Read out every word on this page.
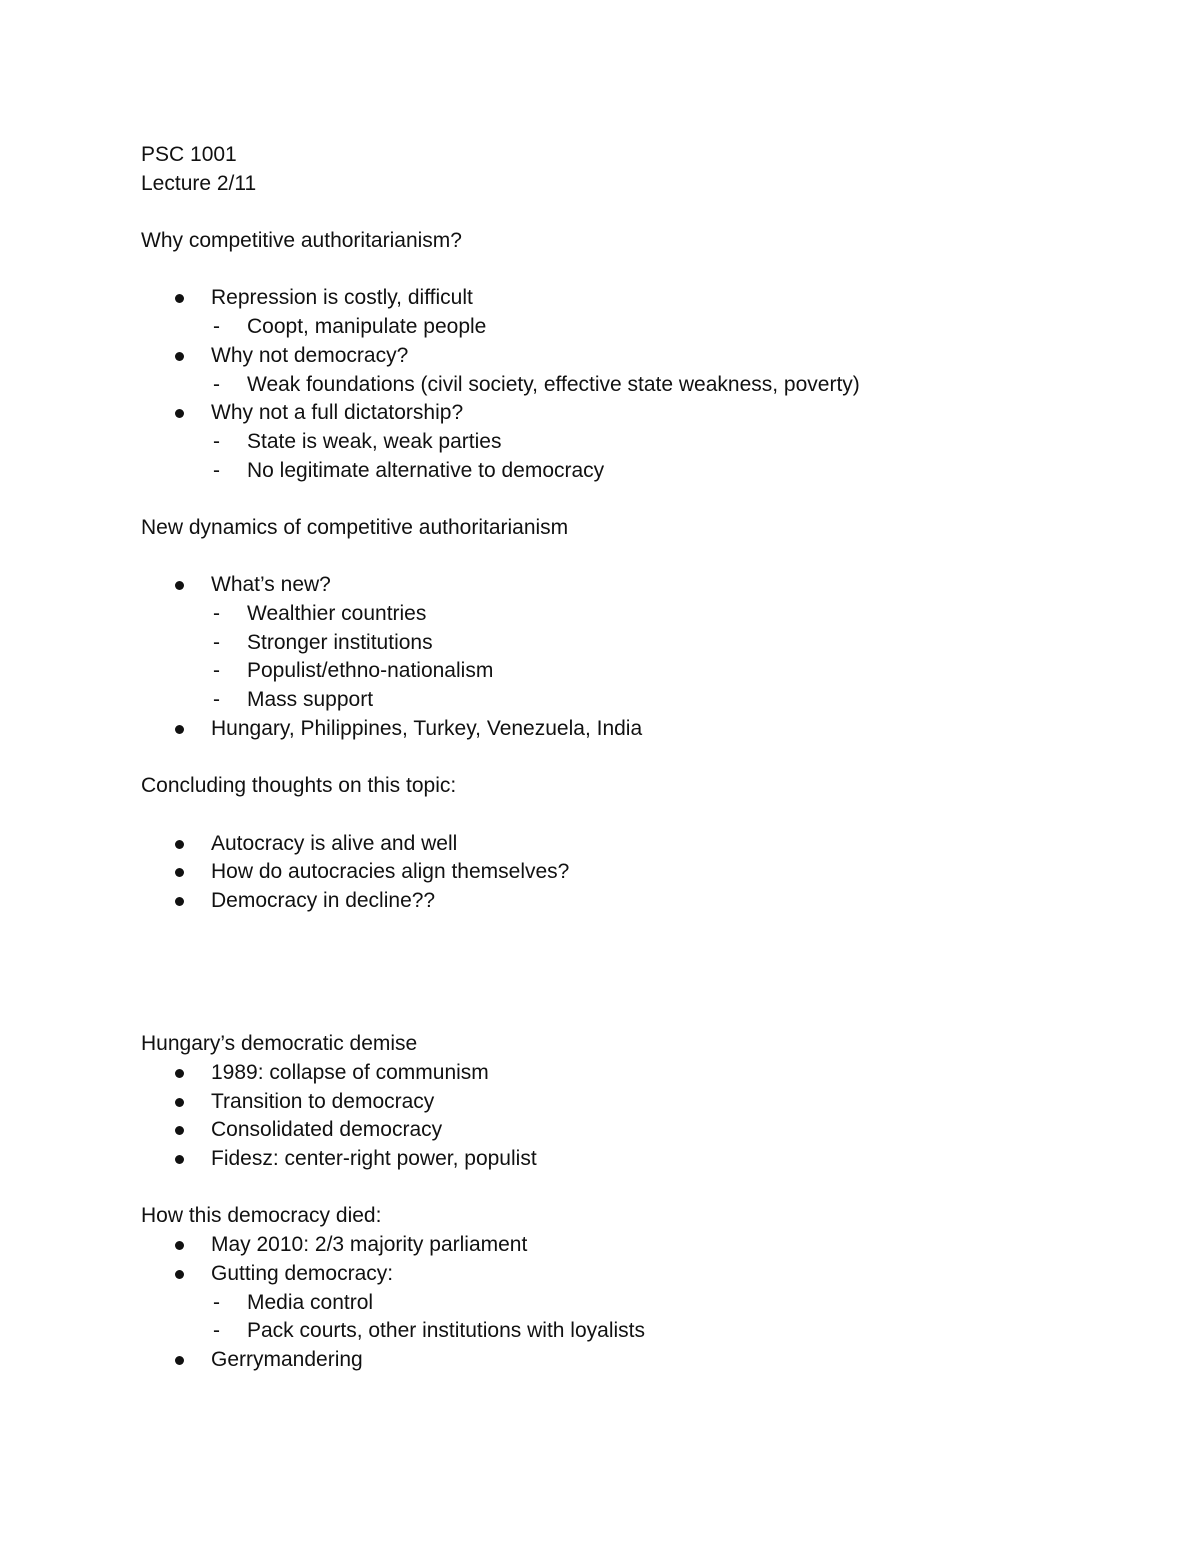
PSC 1001
Lecture 2/11
Why competitive authoritarianism?
Repression is costly, difficult
- Coopt, manipulate people
Why not democracy?
- Weak foundations (civil society, effective state weakness, poverty)
Why not a full dictatorship?
- State is weak, weak parties
- No legitimate alternative to democracy
New dynamics of competitive authoritarianism
What’s new?
- Wealthier countries
- Stronger institutions
- Populist/ethno-nationalism
- Mass support
Hungary, Philippines, Turkey, Venezuela, India
Concluding thoughts on this topic:
Autocracy is alive and well
How do autocracies align themselves?
Democracy in decline??
Hungary’s democratic demise
1989: collapse of communism
Transition to democracy
Consolidated democracy
Fidesz: center-right power, populist
How this democracy died:
May 2010: 2/3 majority parliament
Gutting democracy:
- Media control
- Pack courts, other institutions with loyalists
Gerrymandering
